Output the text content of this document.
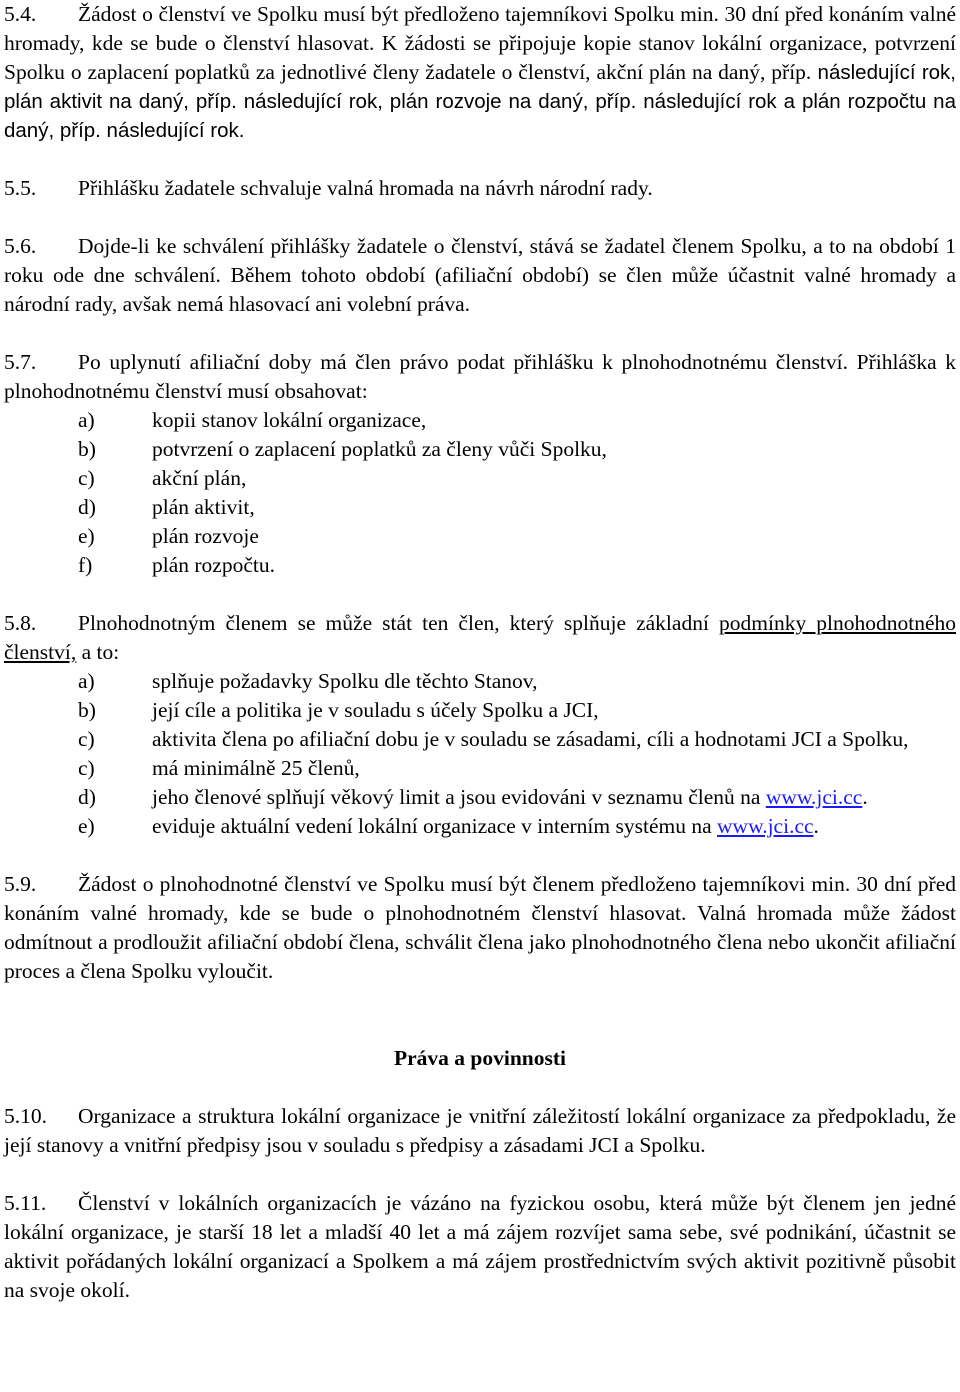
5.4. Žádost o členství ve Spolku musí být předloženo tajemníkovi Spolku min. 30 dní před konáním valné hromady, kde se bude o členství hlasovat. K žádosti se připojuje kopie stanov lokální organizace, potvrzení Spolku o zaplacení poplatků za jednotlivé členy žadatele o členství, akční plán na daný, příp. následující rok, plán aktivit na daný, příp. následující rok, plán rozvoje na daný, příp. následující rok a plán rozpočtu na daný, příp. následující rok.

5.5. Přihlášku žadatele schvaluje valná hromada na návrh národní rady.

5.6. Dojde-li ke schválení přihlášky žadatele o členství, stává se žadatel členem Spolku, a to na období 1 roku ode dne schválení. Během tohoto období (afiliační období) se člen může účastnit valné hromady a národní rady, avšak nemá hlasovací ani volební práva.

5.7. Po uplynutí afiliační doby má člen právo podat přihlášku k plnohodnotnému členství. Přihláška k plnohodnotnému členství musí obsahovat:

a)	kopii stanov lokální organizace,
b)	potvrzení o zaplacení poplatků za členy vůči Spolku,
c)	akční plán,
d)	plán aktivit,
e)	plán rozvoje
f)	plán rozpočtu.

5.8. Plnohodnotným členem se může stát ten člen, který splňuje základní podmínky plnohodnotného členství, a to:

a)	splňuje požadavky Spolku dle těchto Stanov,
b)	její cíle a politika je v souladu s účely Spolku a JCI,
c)	aktivita člena po afiliační dobu je v souladu se zásadami, cíli a hodnotami JCI a Spolku,
c)	má minimálně 25 členů,
d)	jeho členové splňují věkový limit a jsou evidováni v seznamu členů na www.jci.cc.
e)	eviduje aktuální vedení lokální organizace v interním systému na www.jci.cc.

5.9. Žádost o plnohodnotné členství ve Spolku musí být členem předloženo tajemníkovi min. 30 dní před konáním valné hromady, kde se bude o plnohodnotném členství hlasovat. Valná hromada může žádost odmítnout a prodloužit afiliační období člena, schválit člena jako plnohodnotného člena nebo ukončit afiliační proces a člena Spolku vyloučit.

Práva a povinnosti

5.10. Organizace a struktura lokální organizace je vnitřní záležitostí lokální organizace za předpokladu, že její stanovy a vnitřní předpisy jsou v souladu s předpisy a zásadami JCI a Spolku.

5.11. Členství v lokálních organizacích je vázáno na fyzickou osobu, která může být členem jen jedné lokální organizace, je starší 18 let a mladší 40 let a má zájem rozvíjet sama sebe, své podnikání, účastnit se aktivit pořádaných lokální organizací a Spolkem a má zájem prostřednictvím svých aktivit pozitivně působit na svoje okolí.
